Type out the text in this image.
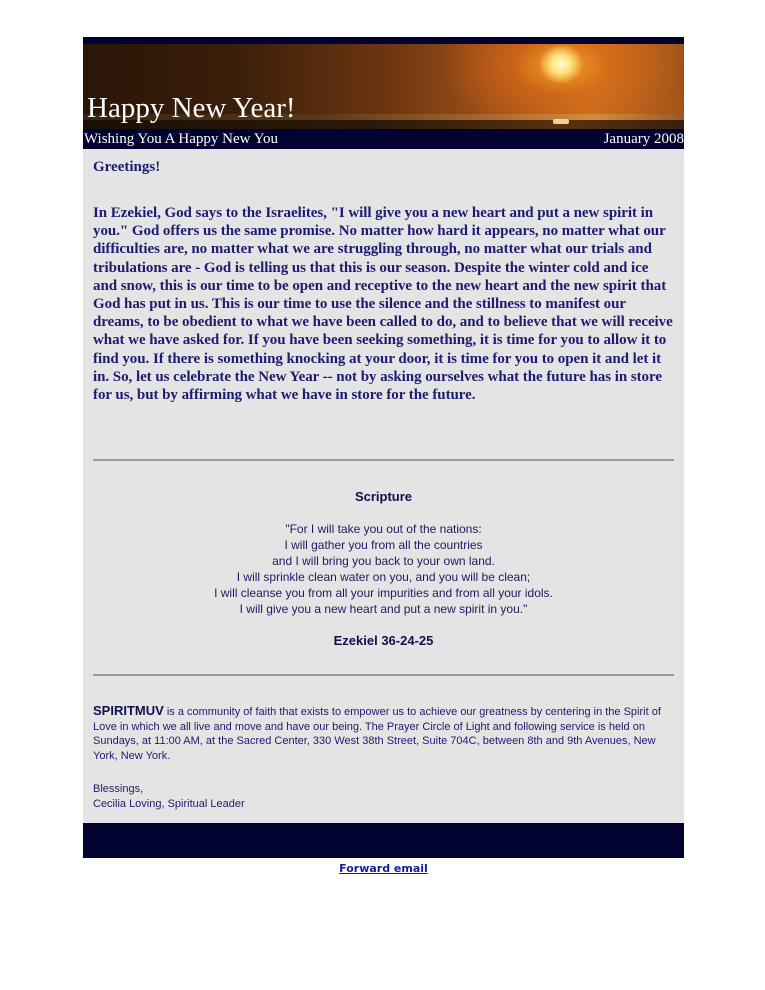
Happy New Year!
Wishing You A Happy New You	January 2008

Greetings!

In Ezekiel, God says to the Israelites, "I will give you a new heart and put a new spirit in you." God offers us the same promise. No matter how hard it appears, no matter what our difficulties are, no matter what we are struggling through, no matter what our trials and tribulations are - God is telling us that this is our season. Despite the winter cold and ice and snow, this is our time to be open and receptive to the new heart and the new spirit that God has put in us. This is our time to use the silence and the stillness to manifest our dreams, to be obedient to what we have been called to do, and to believe that we will receive what we have asked for. If you have been seeking something, it is time for you to allow it to find you. If there is something knocking at your door, it is time for you to open it and let it in. So, let us celebrate the New Year -- not by asking ourselves what the future has in store for us, but by affirming what we have in store for the future.

Scripture

"For I will take you out of the nations:

I will gather you from all the countries

and I will bring you back to your own land.

I will sprinkle clean water on you, and you will be clean;

I will cleanse you from all your impurities and from all your idols.

I will give you a new heart and put a new spirit in you."

Ezekiel 36-24-25

SPIRITMUV is a community of faith that exists to empower us to achieve our greatness by centering in the Spirit of Love in which we all live and move and have our being. The Prayer Circle of Light and following service is held on Sundays, at 11:00 AM, at the Sacred Center, 330 West 38th Street, Suite 704C, between 8th and 9th Avenues, New York, New York.

Blessings,
Cecilia Loving, Spiritual Leader
Forward email
